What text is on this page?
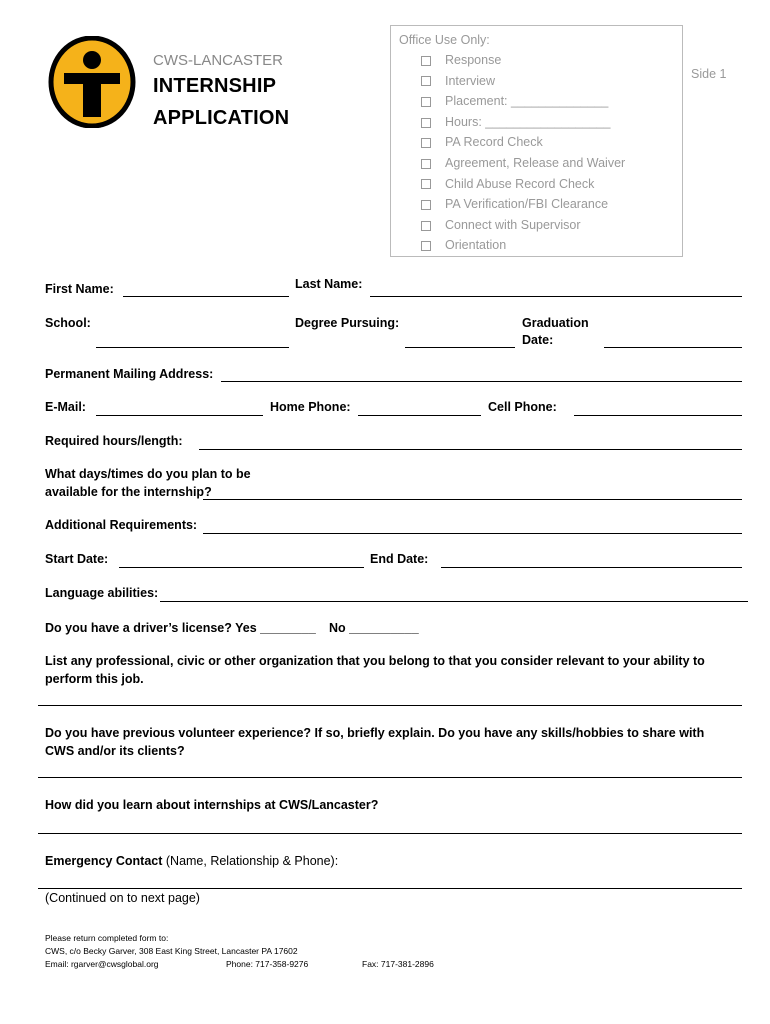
CWS-LANCASTER
INTERNSHIP
APPLICATION
Office Use Only:
Response
Interview
Placement: ______________
Hours: __________________
PA Record Check
Agreement, Release and Waiver
Child Abuse Record Check
PA Verification/FBI Clearance
Connect with Supervisor
Orientation
Side 1
First Name:	Last Name:
School:	Degree Pursuing:	Graduation
Date:
Permanent Mailing Address:
E-Mail:	Home Phone:	Cell Phone:
Required hours/length:
What days/times do you plan to be
available for the internship?
Additional Requirements:
Start Date:	End Date:
Language abilities:
Do you have a driver’s license? Yes ________ No __________
List any professional, civic or other organization that you belong to that you consider relevant to your ability to perform this job.
Do you have previous volunteer experience? If so, briefly explain. Do you have any skills/hobbies to share with CWS and/or its clients?
How did you learn about internships at CWS/Lancaster?
Emergency Contact (Name, Relationship & Phone):
(Continued on to next page)
Please return completed form to:
CWS, c/o Becky Garver, 308 East King Street, Lancaster PA 17602
Email: rgarver@cwsglobal.org	Phone: 717-358-9276	Fax: 717-381-2896
